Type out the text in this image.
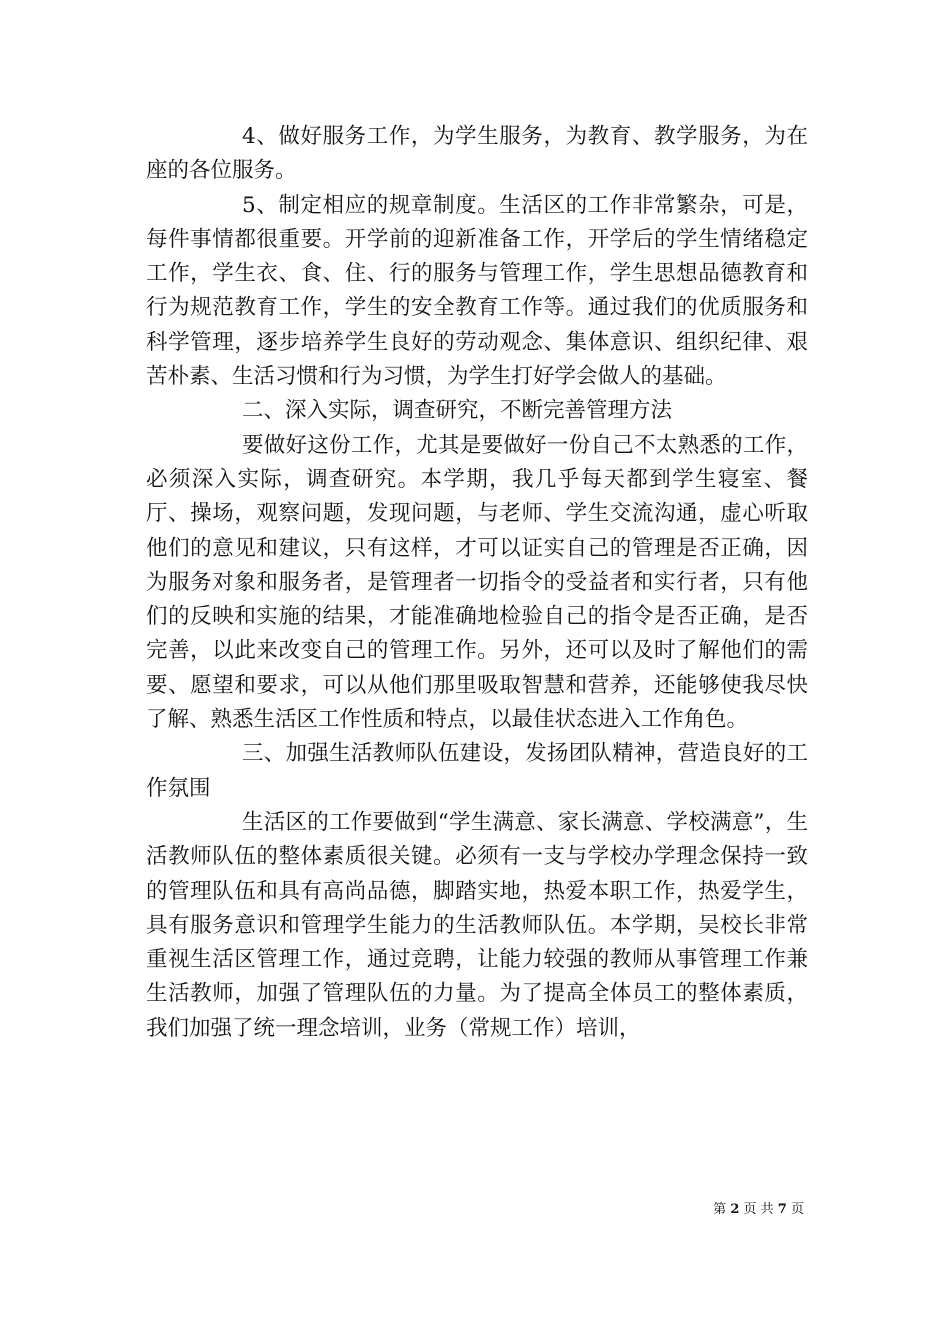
4、做好服务工作，为学生服务，为教育、教学服务，为在座的各位服务。

5、制定相应的规章制度。生活区的工作非常繁杂，可是，每件事情都很重要。开学前的迎新准备工作，开学后的学生情绪稳定工作，学生衣、食、住、行的服务与管理工作，学生思想品德教育和行为规范教育工作，学生的安全教育工作等。通过我们的优质服务和科学管理，逐步培养学生良好的劳动观念、集体意识、组织纪律、艰苦朴素、生活习惯和行为习惯，为学生打好学会做人的基础。

二、深入实际，调查研究，不断完善管理方法

要做好这份工作，尤其是要做好一份自己不太熟悉的工作，必须深入实际，调查研究。本学期，我几乎每天都到学生寝室、餐厅、操场，观察问题，发现问题，与老师、学生交流沟通，虚心听取他们的意见和建议，只有这样，才可以证实自己的管理是否正确，因为服务对象和服务者，是管理者一切指令的受益者和实行者，只有他们的反映和实施的结果，才能准确地检验自己的指令是否正确，是否完善，以此来改变自己的管理工作。另外，还可以及时了解他们的需要、愿望和要求，可以从他们那里吸取智慧和营养，还能够使我尽快了解、熟悉生活区工作性质和特点，以最佳状态进入工作角色。

三、加强生活教师队伍建设，发扬团队精神，营造良好的工作氛围

生活区的工作要做到“学生满意、家长满意、学校满意”，生活教师队伍的整体素质很关键。必须有一支与学校办学理念保持一致的管理队伍和具有高尚品德，脚踏实地，热爱本职工作，热爱学生，具有服务意识和管理学生能力的生活教师队伍。本学期，吴校长非常重视生活区管理工作，通过竞聘，让能力较强的教师从事管理工作兼生活教师，加强了管理队伍的力量。为了提高全体员工的整体素质，我们加强了统一理念培训，业务（常规工作）培训，

第 2 页 共 7 页
